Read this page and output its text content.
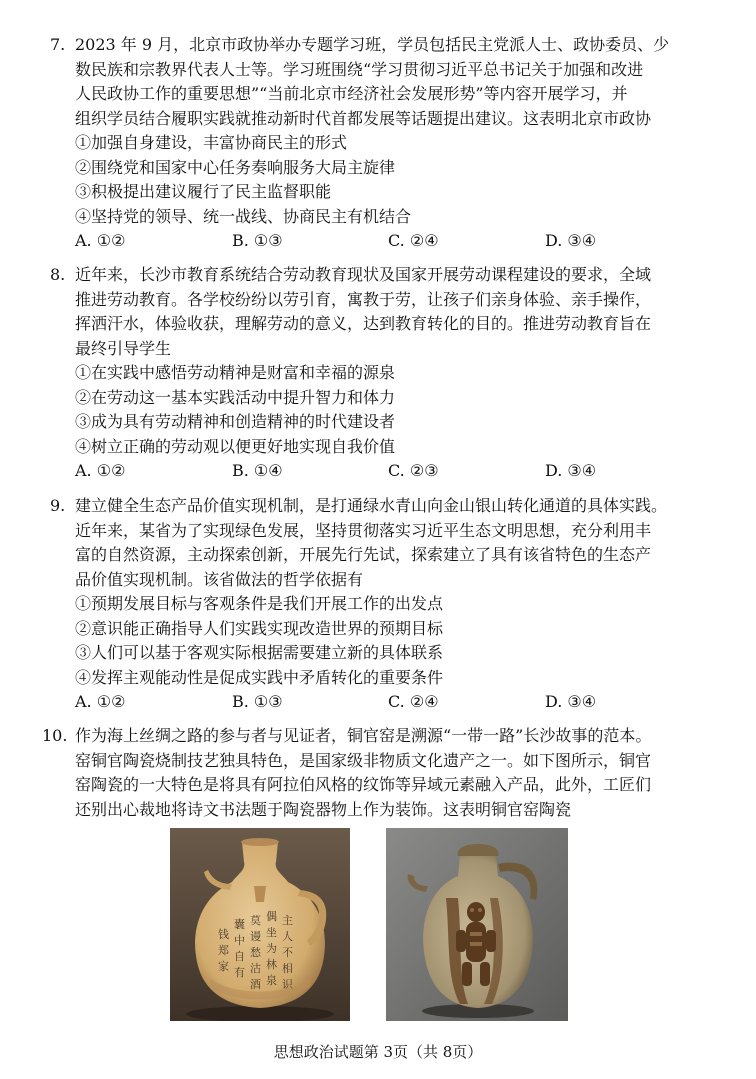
7. 2023 年 9 月，北京市政协举办专题学习班，学员包括民主党派人士、政协委员、少
数民族和宗教界代表人士等。学习班围绕“学习贯彻习近平总书记关于加强和改进
人民政协工作的重要思想”“当前北京市经济社会发展形势”等内容开展学习，并
组织学员结合履职实践就推动新时代首都发展等话题提出建议。这表明北京市政协
①加强自身建设，丰富协商民主的形式
②围绕党和国家中心任务奏响服务大局主旋律
③积极提出建议履行了民主监督职能
④坚持党的领导、统一战线、协商民主有机结合
A. ①②	B. ①③	C. ②④	D. ③④
8. 近年来，长沙市教育系统结合劳动教育现状及国家开展劳动课程建设的要求，全域
推进劳动教育。各学校纷纷以劳引育，寓教于劳，让孩子们亲身体验、亲手操作，
挥洒汗水，体验收获，理解劳动的意义，达到教育转化的目的。推进劳动教育旨在
最终引导学生
①在实践中感悟劳动精神是财富和幸福的源泉
②在劳动这一基本实践活动中提升智力和体力
③成为具有劳动精神和创造精神的时代建设者
④树立正确的劳动观以便更好地实现自我价值
A. ①②	B. ①④	C. ②③	D. ③④
9. 建立健全生态产品价值实现机制，是打通绿水青山向金山银山转化通道的具体实践。
近年来，某省为了实现绿色发展，坚持贯彻落实习近平生态文明思想，充分利用丰
富的自然资源，主动探索创新，开展先行先试，探索建立了具有该省特色的生态产
品价值实现机制。该省做法的哲学依据有
①预期发展目标与客观条件是我们开展工作的出发点
②意识能正确指导人们实践实现改造世界的预期目标
③人们可以基于客观实际根据需要建立新的具体联系
④发挥主观能动性是促成实践中矛盾转化的重要条件
A. ①②	B. ①③	C. ②④	D. ③④
10. 作为海上丝绸之路的参与者与见证者，铜官窑是溯源“一带一路”长沙故事的范本。
窑铜官陶瓷烧制技艺独具特色，是国家级非物质文化遗产之一。如下图所示，铜官
窑陶瓷的一大特色是将具有阿拉伯风格的纹饰等异域元素融入产品，此外，工匠们
还别出心裁地将诗文书法题于陶瓷器物上作为装饰。这表明铜官窑陶瓷
主
人
不
相
识
偶
坐
为
林
泉
莫
谩
愁
沽
酒
囊
中
自
有
钱
郑
家
思想政治试题第 3页（共 8页）
